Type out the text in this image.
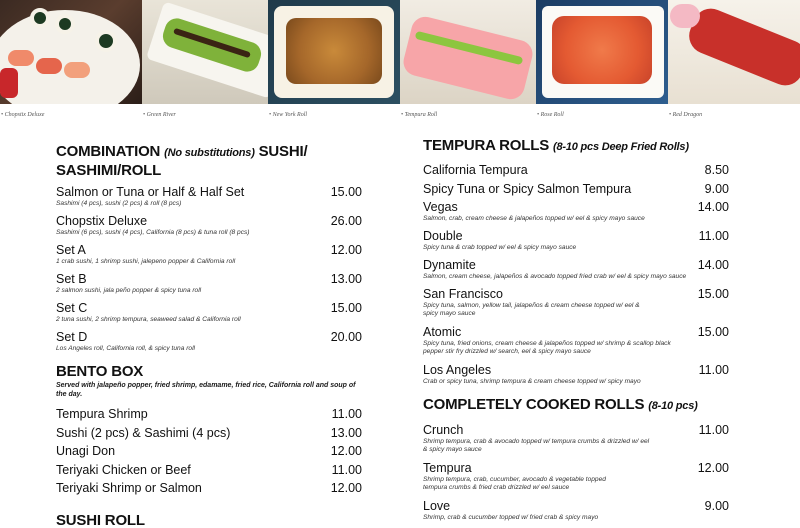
• Chopstix Deluxe	• Green River	• New York Roll	• Tempura Roll	• Rose Roll	• Red Dragon
COMBINATION (No substitutions) SUSHI/
SASHIMI/ROLL
Salmon or Tuna or Half & Half Set	15.00
Sashimi (4 pcs), sushi (2 pcs) & roll (8 pcs)
Chopstix Deluxe	26.00
Sashimi (6 pcs), sushi (4 pcs), California (8 pcs) & tuna roll (8 pcs)
Set A	12.00
1 crab sushi, 1 shrimp sushi, jalepeno popper & California roll
Set B	13.00
2 salmon sushi, jala peño popper & spicy tuna roll
Set C	15.00
2 tuna sushi, 2 shrimp tempura, seaweed salad & California roll
Set D	20.00
Los Angeles roll, California roll, & spicy tuna roll
BENTO BOX
Served with jalapeño popper, fried shrimp, edamame, fried rice, California roll and soup of the day.
Tempura Shrimp	11.00
Sushi (2 pcs) & Sashimi (4 pcs)	13.00
Unagi Don	12.00
Teriyaki Chicken or Beef	11.00
Teriyaki Shrimp or Salmon	12.00
SUSHI ROLL
TEMPURA ROLLS (8-10 pcs Deep Fried Rolls)
California Tempura	8.50
Spicy Tuna or Spicy Salmon Tempura	9.00
Vegas	14.00
Salmon, crab, cream cheese & jalapeños topped w/ eel & spicy mayo sauce
Double	11.00
Spicy tuna & crab topped w/ eel & spicy mayo sauce
Dynamite	14.00
Salmon, cream cheese, jalapeños & avocado topped fried crab w/ eel & spicy mayo sauce
San Francisco	15.00
Spicy tuna, salmon, yellow tail, jalapeños & cream cheese topped w/ eel & spicy mayo sauce
Atomic	15.00
Spicy tuna, fried onions, cream cheese & jalapeños topped w/ shrimp & scallop black pepper stir fry drizzled w/ search, eel & spicy mayo sauce
Los Angeles	11.00
Crab or spicy tuna, shrimp tempura & cream cheese topped w/ spicy mayo
COMPLETELY COOKED ROLLS (8-10 pcs)
Crunch	11.00
Shrimp tempura, crab & avocado topped w/ tempura crumbs & drizzled w/ eel & spicy mayo sauce
Tempura	12.00
Shrimp tempura, crab, cucumber, avocado & vegetable topped tempura crumbs & fried crab drizzled w/ eel sauce
Love	9.00
Shrimp, crab & cucumber topped w/ fried crab & spicy mayo
